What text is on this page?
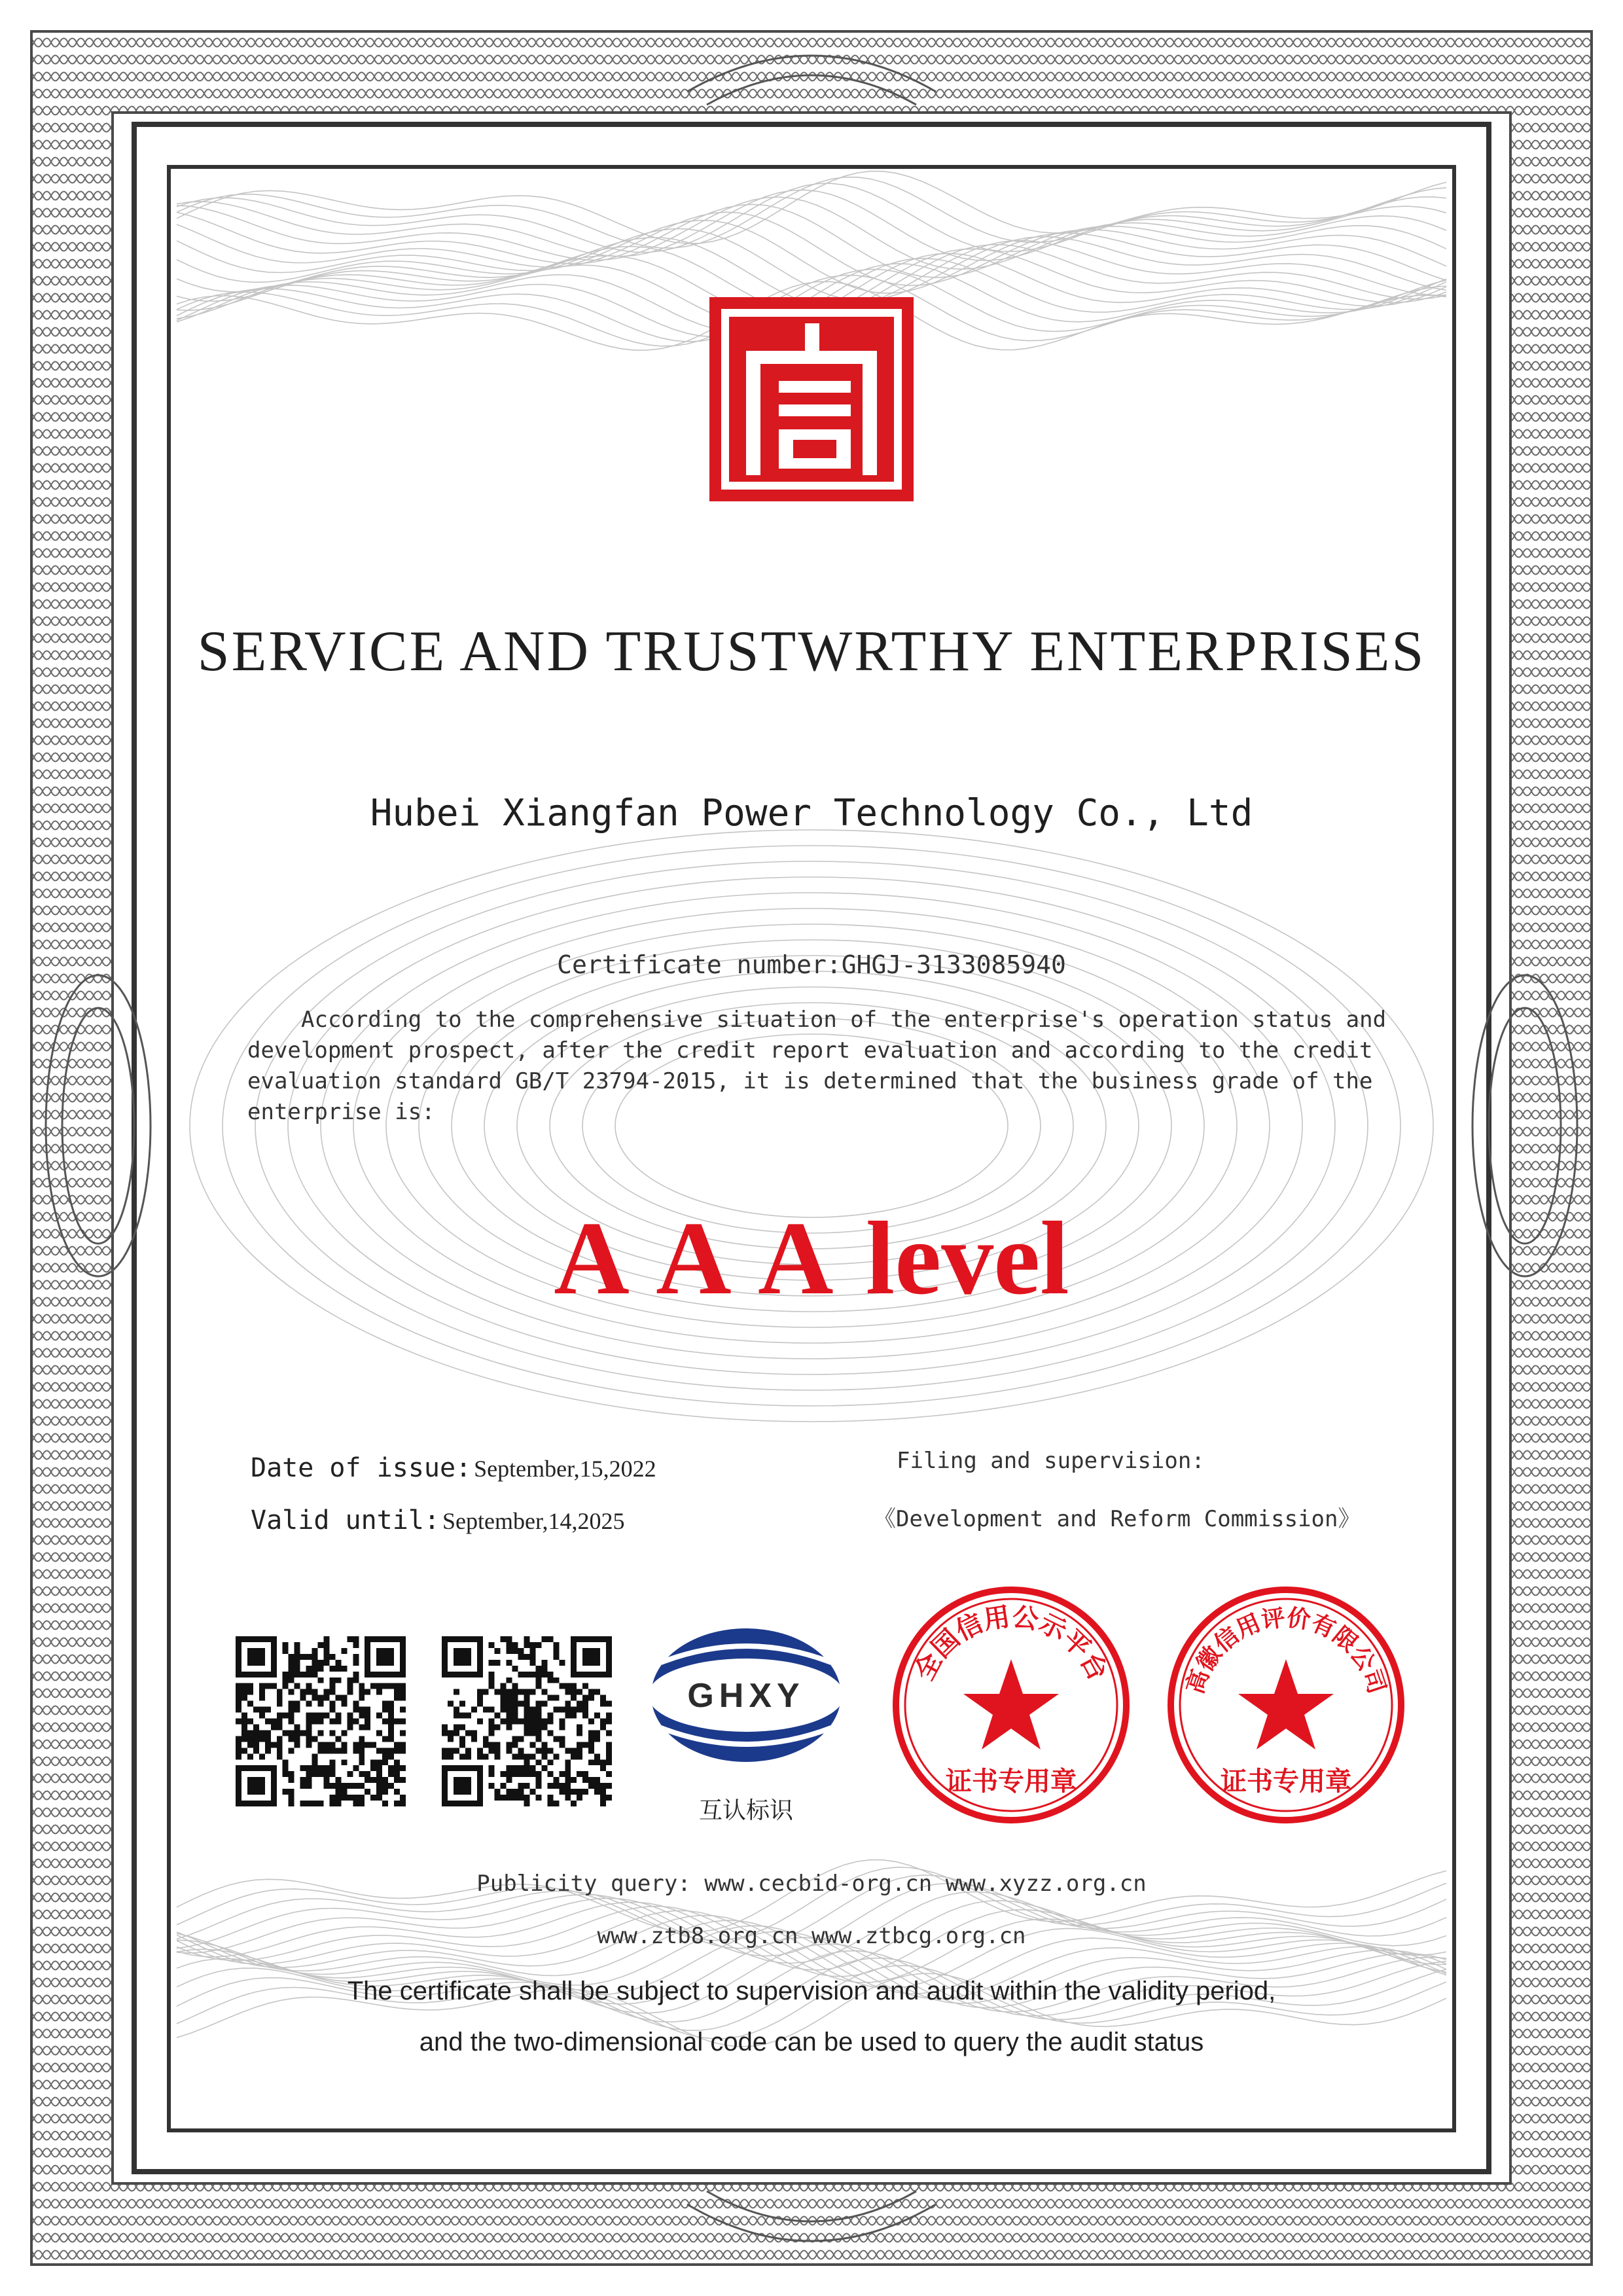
SERVICE AND TRUSTWRTHY ENTERPRISES
Hubei Xiangfan Power Technology Co., Ltd
Certificate number:GHGJ-3133085940
According to the comprehensive situation of the enterprise's operation status and
development prospect, after the credit report evaluation and according to the credit
evaluation standard GB/T 23794-2015, it is determined that the business grade of the
enterprise is:
A A A level
Date of issue: September,15,2022
Valid until: September,14,2025
Filing and supervision:
《Development and Reform Commission》
GHXY
互认标识
全国信用公示平台
证书专用章
高徽信用评价有限公司
证书专用章
Publicity query: www.cecbid-org.cn www.xyzz.org.cn
www.ztb8.org.cn www.ztbcg.org.cn
The certificate shall be subject to supervision and audit within the validity period,
and the two-dimensional code can be used to query the audit status
